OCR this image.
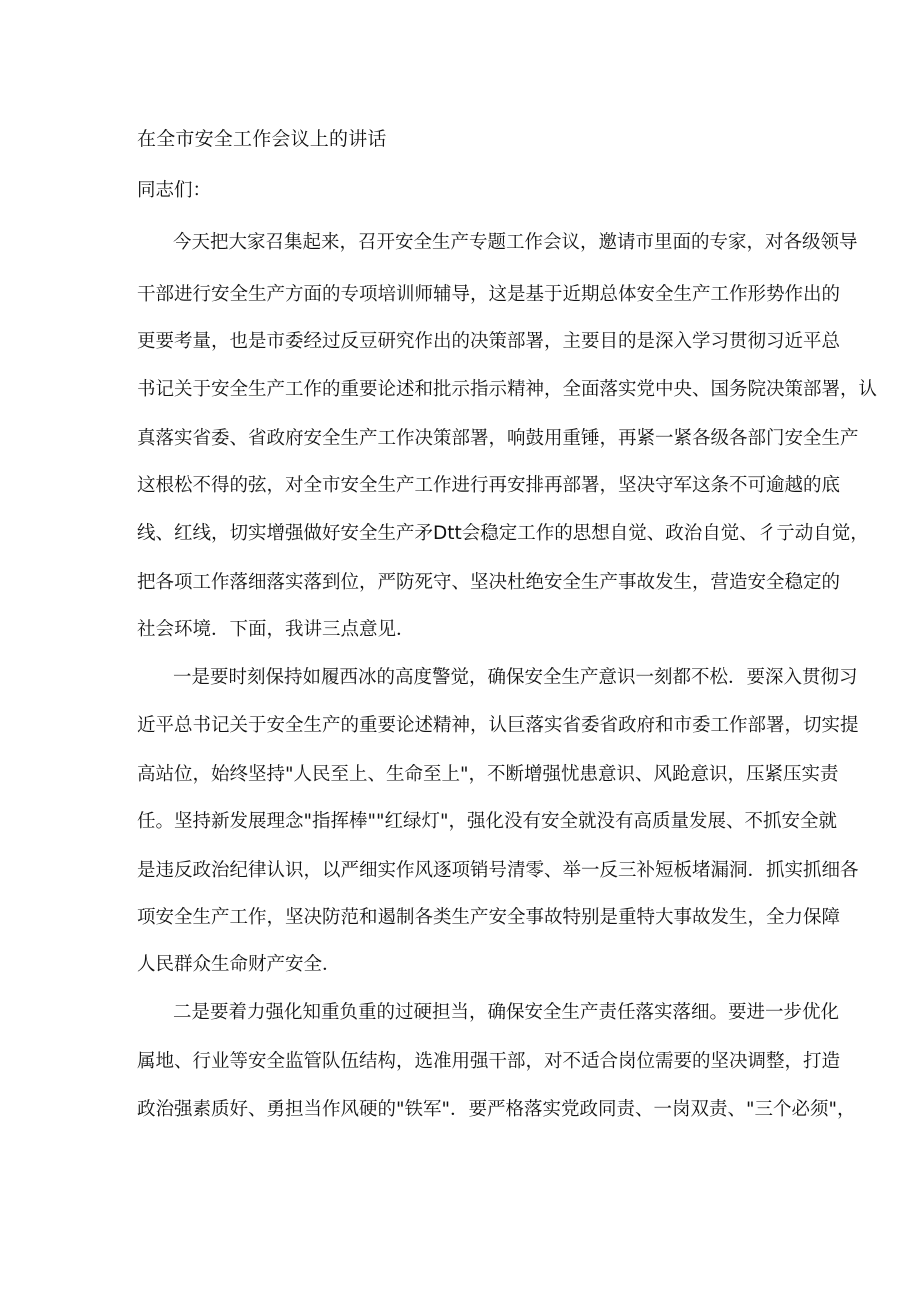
在全市安全工作会议上的讲话
同志们：
今天把大家召集起来，召开安全生产专题工作会议，邀请市里面的专家，对各级领导
干部进行安全生产方面的专项培训师辅导，这是基于近期总体安全生产工作形势作出的
更要考量，也是市委经过反豆研究作出的决策部署，主要目的是深入学习贯彻习近平总
书记关于安全生产工作的重要论述和批示指示精神，全面落实党中央、国务院决策部署，认
真落实省委、省政府安全生产工作决策部署，响鼓用重锤，再紧一紧各级各部门安全生产
这根松不得的弦，对全市安全生产工作进行再安排再部署，坚决守军这条不可逾越的底
线、红线，切实增强做好安全生产矛Dtt会稳定工作的思想自觉、政治自觉、彳亍动自觉，
把各项工作落细落实落到位，严防死守、坚决杜绝安全生产事故发生，营造安全稳定的
社会环境．下面，我讲三点意见．
一是要时刻保持如履西冰的高度警觉，确保安全生产意识一刻都不松．要深入贯彻习
近平总书记关于安全生产的重要论述精神，认巨落实省委省政府和市委工作部署，切实提
高站位，始终坚持"人民至上、生命至上"，不断增强忧患意识、风跄意识，压紧压实责
任。坚持新发展理念"指挥棒""红绿灯"，强化没有安全就没有高质量发展、不抓安全就
是违反政治纪律认识，以严细实作风逐项销号清零、举一反三补短板堵漏洞．抓实抓细各
项安全生产工作，坚决防范和遏制各类生产安全事故特别是重特大事故发生，全力保障
人民群众生命财产安全．
二是要着力强化知重负重的过硬担当，确保安全生产责任落实落细。要进一步优化
属地、行业等安全监管队伍结构，选准用强干部，对不适合岗位需要的坚决调整，打造
政治强素质好、勇担当作风硬的"铁军"．要严格落实党政同责、一岗双责、"三个必须"，
